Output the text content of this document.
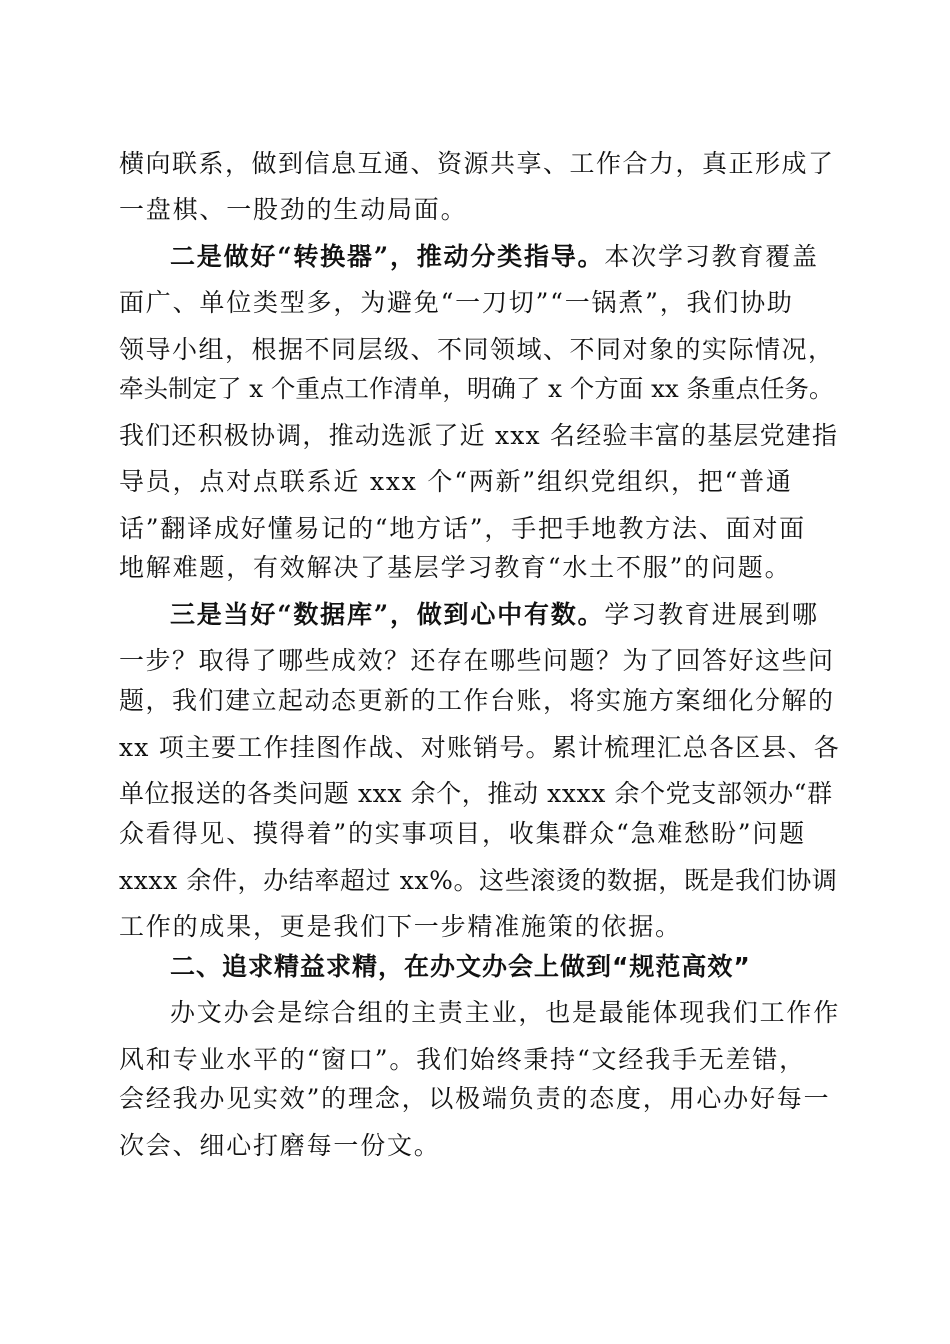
横向联系，做到信息互通、资源共享、工作合力，真正形成了
一盘棋、一股劲的生动局面。
二是做好“转换器”，推动分类指导。本次学习教育覆盖
面广、单位类型多，为避免“一刀切”“一锅煮”，我们协助
领导小组，根据不同层级、不同领域、不同对象的实际情况，
牵头制定了 x 个重点工作清单，明确了 x 个方面 xx 条重点任务。
我们还积极协调，推动选派了近 xxx 名经验丰富的基层党建指
导员，点对点联系近 xxx 个“两新”组织党组织，把“普通
话”翻译成好懂易记的“地方话”，手把手地教方法、面对面
地解难题，有效解决了基层学习教育“水土不服”的问题。
三是当好“数据库”，做到心中有数。学习教育进展到哪
一步？取得了哪些成效？还存在哪些问题？为了回答好这些问
题，我们建立起动态更新的工作台账，将实施方案细化分解的
xx 项主要工作挂图作战、对账销号。累计梳理汇总各区县、各
单位报送的各类问题 xxx 余个，推动 xxxx 余个党支部领办“群
众看得见、摸得着”的实事项目，收集群众“急难愁盼”问题
xxxx 余件，办结率超过 xx%。这些滚烫的数据，既是我们协调
工作的成果，更是我们下一步精准施策的依据。
二、追求精益求精，在办文办会上做到“规范高效”
办文办会是综合组的主责主业，也是最能体现我们工作作
风和专业水平的“窗口”。我们始终秉持“文经我手无差错，
会经我办见实效”的理念，以极端负责的态度，用心办好每一
次会、细心打磨每一份文。
